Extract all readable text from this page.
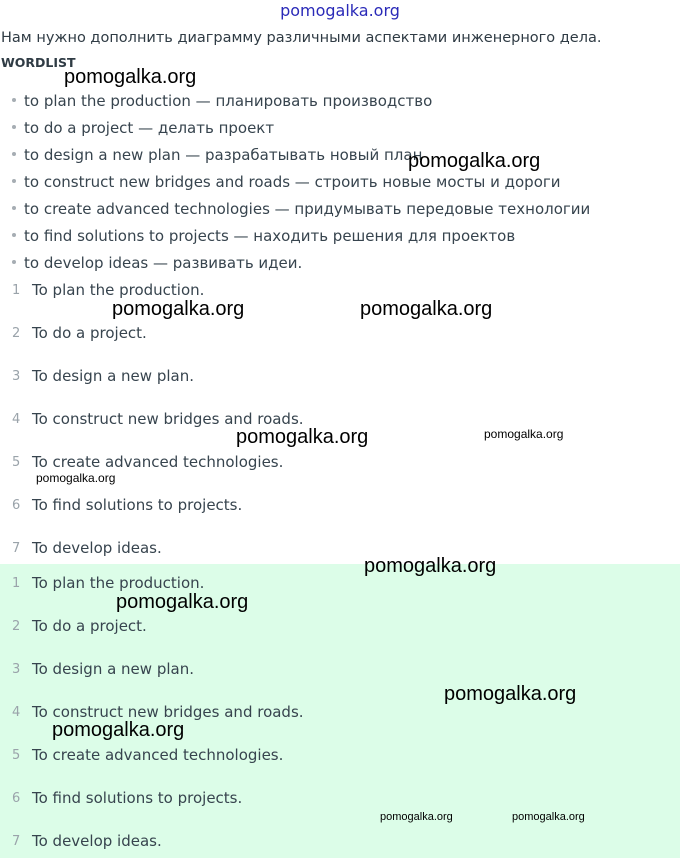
pomogalka.org
Нам нужно дополнить диаграмму различными аспектами инженерного дела.
WORDLIST
to plan the production — планировать производство
to do a project — делать проект
to design a new plan — разрабатывать новый план
to construct new bridges and roads — строить новые мосты и дороги
to create advanced technologies — придумывать передовые технологии
to find solutions to projects — находить решения для проектов
to develop ideas — развивать идеи.
1 To plan the production.
2 To do a project.
3 To design a new plan.
4 To construct new bridges and roads.
5 To create advanced technologies.
6 To find solutions to projects.
7 To develop ideas.
1 To plan the production.
2 To do a project.
3 To design a new plan.
4 To construct new bridges and roads.
5 To create advanced technologies.
6 To find solutions to projects.
7 To develop ideas.
pomogalka.org
pomogalka.org
pomogalka.org	pomogalka.org
pomogalka.org	pomogalka.org
pomogalka.org
pomogalka.org
pomogalka.org
pomogalka.org
pomogalka.org
pomogalka.org	pomogalka.org
